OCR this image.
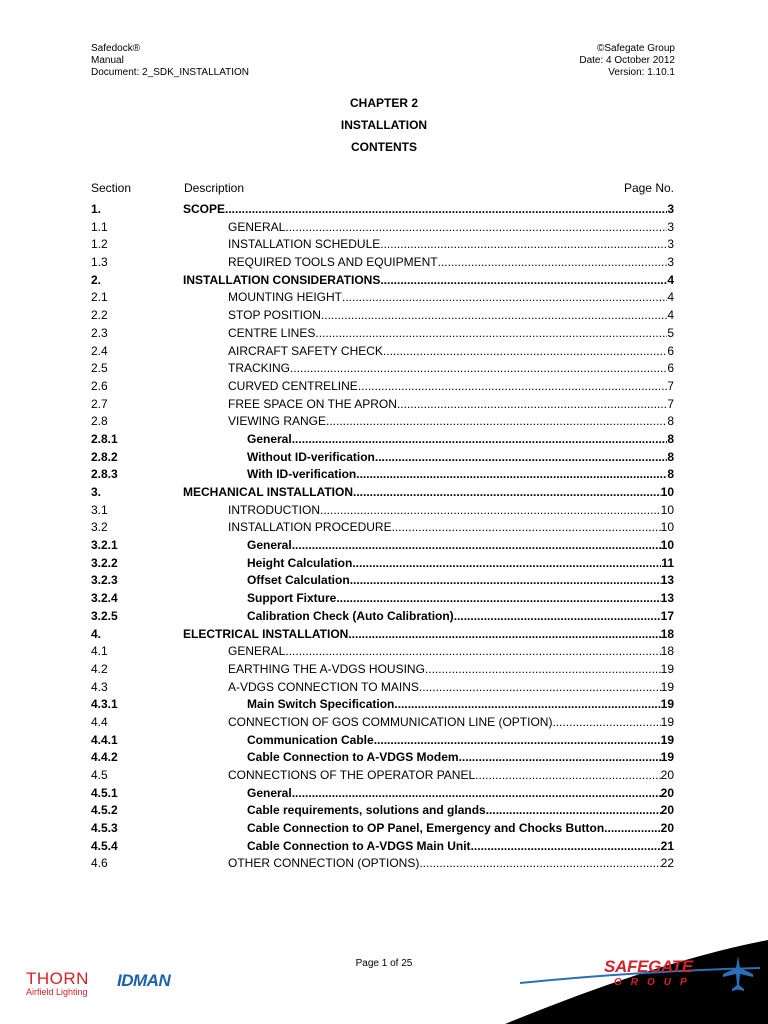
Safedock®
Manual
Document: 2_SDK_INSTALLATION
©Safegate Group
Date: 4 October 2012
Version: 1.10.1
CHAPTER 2
INSTALLATION
CONTENTS
Section	Description	Page No.
1.	SCOPE .....	3
1.1	GENERAL .....	3
1.2	INSTALLATION SCHEDULE .....	3
1.3	REQUIRED TOOLS AND EQUIPMENT .....	3
2.	INSTALLATION CONSIDERATIONS .....	4
2.1	MOUNTING HEIGHT .....	4
2.2	STOP POSITION .....	4
2.3	CENTRE LINES .....	5
2.4	AIRCRAFT SAFETY CHECK .....	6
2.5	TRACKING .....	6
2.6	CURVED CENTRELINE .....	7
2.7	FREE SPACE ON THE APRON .....	7
2.8	VIEWING RANGE .....	8
2.8.1	General .....	8
2.8.2	Without ID-verification .....	8
2.8.3	With ID-verification .....	8
3.	MECHANICAL INSTALLATION .....	10
3.1	INTRODUCTION .....	10
3.2	INSTALLATION PROCEDURE .....	10
3.2.1	General .....	10
3.2.2	Height Calculation .....	11
3.2.3	Offset Calculation .....	13
3.2.4	Support Fixture .....	13
3.2.5	Calibration Check (Auto Calibration) .....	17
4.	ELECTRICAL INSTALLATION .....	18
4.1	GENERAL .....	18
4.2	EARTHING THE A-VDGS HOUSING .....	19
4.3	A-VDGS CONNECTION TO MAINS .....	19
4.3.1	Main Switch Specification .....	19
4.4	CONNECTION OF GOS COMMUNICATION LINE (OPTION) .....	19
4.4.1	Communication Cable .....	19
4.4.2	Cable Connection to A-VDGS Modem .....	19
4.5	CONNECTIONS OF THE OPERATOR PANEL .....	20
4.5.1	General .....	20
4.5.2	Cable requirements, solutions and glands .....	20
4.5.3	Cable Connection to OP Panel, Emergency and Chocks Button .....	20
4.5.4	Cable Connection to A-VDGS Main Unit .....	21
4.6	OTHER CONNECTION (OPTIONS) .....	22
Page 1 of 25
THORN
Airfield Lighting
IDMAN
SAFEGATE
GROUP
